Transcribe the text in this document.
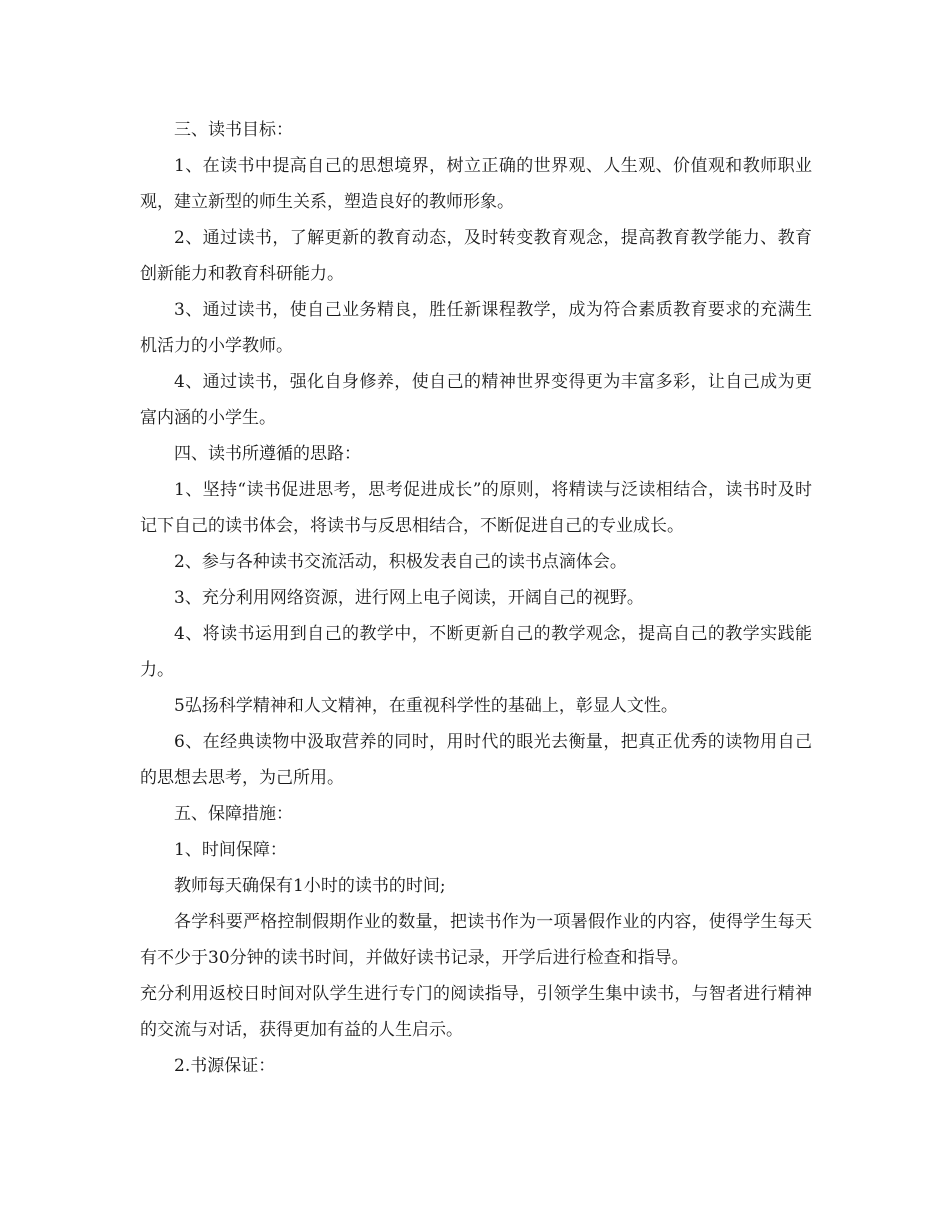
三、读书目标：

1、在读书中提高自己的思想境界，树立正确的世界观、人生观、价值观和教师职业观，建立新型的师生关系，塑造良好的教师形象。

2、通过读书，了解更新的教育动态，及时转变教育观念，提高教育教学能力、教育创新能力和教育科研能力。

3、通过读书，使自己业务精良，胜任新课程教学，成为符合素质教育要求的充满生机活力的小学教师。

4、通过读书，强化自身修养，使自己的精神世界变得更为丰富多彩，让自己成为更富内涵的小学生。

四、读书所遵循的思路：

1、坚持“读书促进思考，思考促进成长”的原则，将精读与泛读相结合，读书时及时记下自己的读书体会，将读书与反思相结合，不断促进自己的专业成长。

2、参与各种读书交流活动，积极发表自己的读书点滴体会。

3、充分利用网络资源，进行网上电子阅读，开阔自己的视野。

4、将读书运用到自己的教学中，不断更新自己的教学观念，提高自己的教学实践能力。

5弘扬科学精神和人文精神，在重视科学性的基础上，彰显人文性。

6、在经典读物中汲取营养的同时，用时代的眼光去衡量，把真正优秀的读物用自己的思想去思考，为己所用。

五、保障措施：

1、时间保障：

教师每天确保有1小时的读书的时间;

各学科要严格控制假期作业的数量，把读书作为一项暑假作业的内容，使得学生每天有不少于30分钟的读书时间，并做好读书记录，开学后进行检查和指导。

充分利用返校日时间对队学生进行专门的阅读指导，引领学生集中读书，与智者进行精神的交流与对话，获得更加有益的人生启示。

2.书源保证：
